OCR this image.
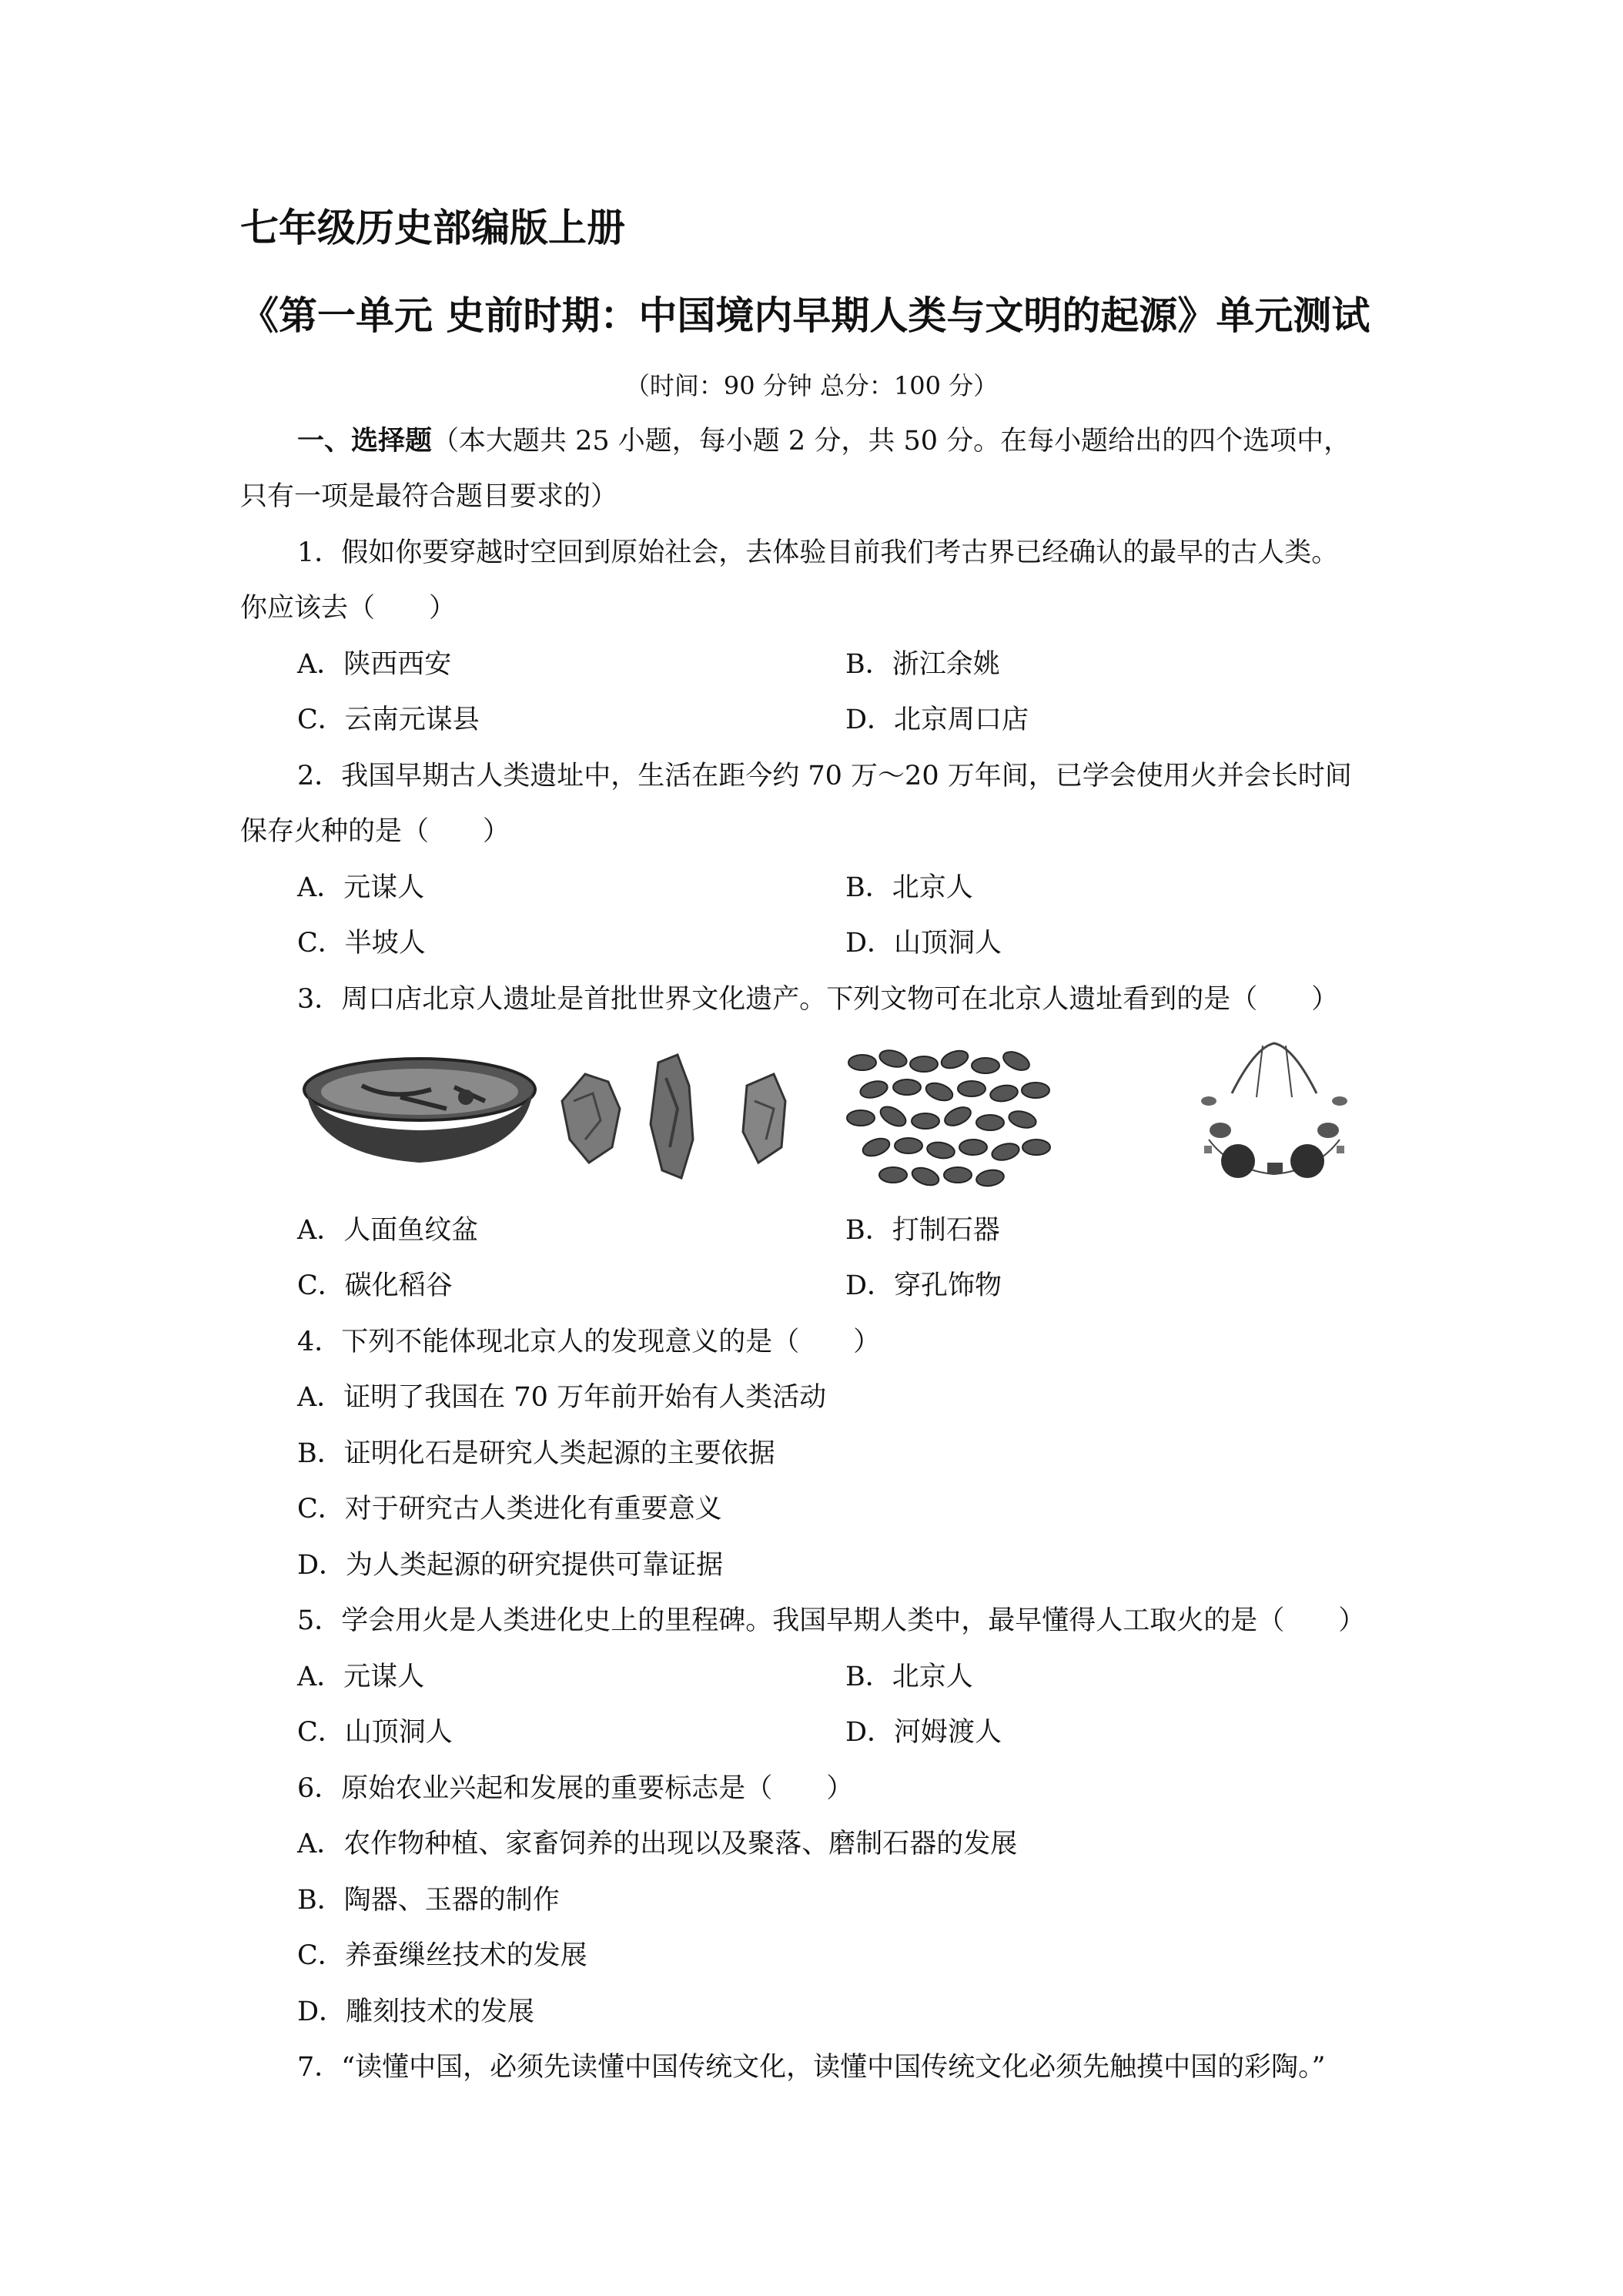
七年级历史部编版上册
《第一单元 史前时期：中国境内早期人类与文明的起源》单元测试
（时间：90 分钟 总分：100 分）
一、选择题（本大题共 25 小题，每小题 2 分，共 50 分。在每小题给出的四个选项中，
只有一项是最符合题目要求的）
1．假如你要穿越时空回到原始社会，去体验目前我们考古界已经确认的最早的古人类。
你应该去（　　）
A．陕西西安	B．浙江余姚
C．云南元谋县	D．北京周口店
2．我国早期古人类遗址中，生活在距今约 70 万～20 万年间，已学会使用火并会长时间
保存火种的是（　　）
A．元谋人	B．北京人
C．半坡人	D．山顶洞人
3．周口店北京人遗址是首批世界文化遗产。下列文物可在北京人遗址看到的是（　　）
A．人面鱼纹盆	B．打制石器
C．碳化稻谷	D．穿孔饰物
4．下列不能体现北京人的发现意义的是（　　）
A．证明了我国在 70 万年前开始有人类活动
B．证明化石是研究人类起源的主要依据
C．对于研究古人类进化有重要意义
D．为人类起源的研究提供可靠证据
5．学会用火是人类进化史上的里程碑。我国早期人类中，最早懂得人工取火的是（　　）
A．元谋人	B．北京人
C．山顶洞人	D．河姆渡人
6．原始农业兴起和发展的重要标志是（　　）
A．农作物种植、家畜饲养的出现以及聚落、磨制石器的发展
B．陶器、玉器的制作
C．养蚕缫丝技术的发展
D．雕刻技术的发展
7．“读懂中国，必须先读懂中国传统文化，读懂中国传统文化必须先触摸中国的彩陶。”
